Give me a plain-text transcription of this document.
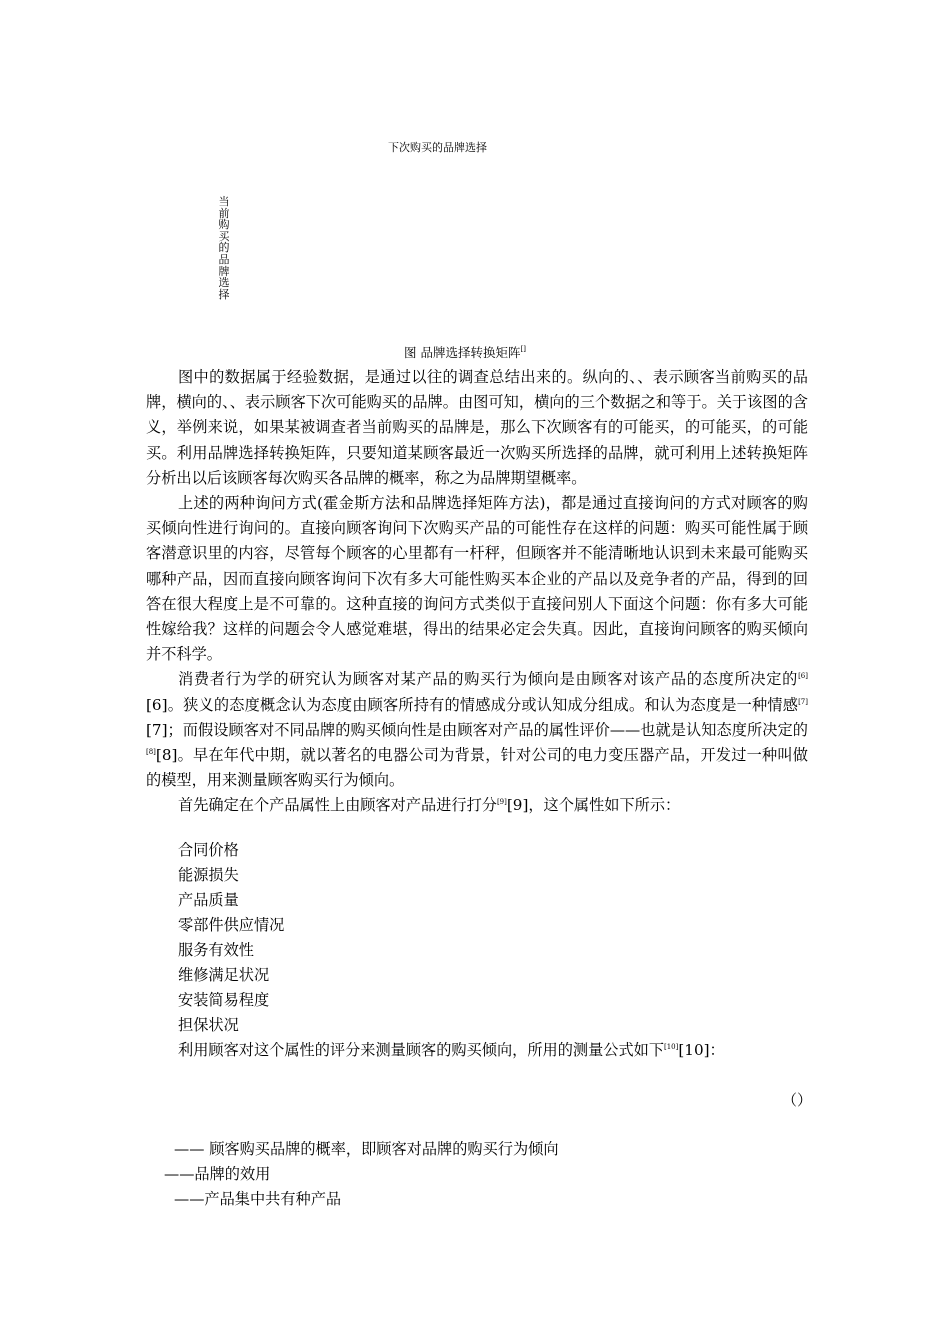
下次购买的品牌选择
当前购买的品牌选择
图 品牌选择转换矩阵[]

图中的数据属于经验数据，是通过以往的调查总结出来的。纵向的、、表示顾客当前购买的品牌，横向的、、表示顾客下次可能购买的品牌。由图可知，横向的三个数据之和等于。关于该图的含义，举例来说，如果某被调查者当前购买的品牌是，那么下次顾客有的可能买，的可能买，的可能买。利用品牌选择转换矩阵，只要知道某顾客最近一次购买所选择的品牌，就可利用上述转换矩阵分析出以后该顾客每次购买各品牌的概率，称之为品牌期望概率。

上述的两种询问方式(霍金斯方法和品牌选择矩阵方法)，都是通过直接询问的方式对顾客的购买倾向性进行询问的。直接向顾客询问下次购买产品的可能性存在这样的问题：购买可能性属于顾客潜意识里的内容，尽管每个顾客的心里都有一杆秤，但顾客并不能清晰地认识到未来最可能购买哪种产品，因而直接向顾客询问下次有多大可能性购买本企业的产品以及竞争者的产品，得到的回答在很大程度上是不可靠的。这种直接的询问方式类似于直接问别人下面这个问题：你有多大可能性嫁给我？这样的问题会令人感觉难堪，得出的结果必定会失真。因此，直接询问顾客的购买倾向并不科学。

消费者行为学的研究认为顾客对某产品的购买行为倾向是由顾客对该产品的态度所决定的[6][6]。狭义的态度概念认为态度由顾客所持有的情感成分或认知成分组成。和认为态度是一种情感[7][7]；而假设顾客对不同品牌的购买倾向性是由顾客对产品的属性评价——也就是认知态度所决定的[8][8]。早在年代中期，就以著名的电器公司为背景，针对公司的电力变压器产品，开发过一种叫做 的模型，用来测量顾客购买行为倾向。

首先确定在个产品属性上由顾客对产品进行打分[9][9]，这个属性如下所示：

合同价格
能源损失
产品质量
零部件供应情况
服务有效性
维修满足状况
安装简易程度
担保状况
利用顾客对这个属性的评分来测量顾客的购买倾向，所用的测量公式如下[10][10]：
（）
—— 顾客购买品牌的概率，即顾客对品牌的购买行为倾向
——品牌的效用
——产品集中共有种产品
